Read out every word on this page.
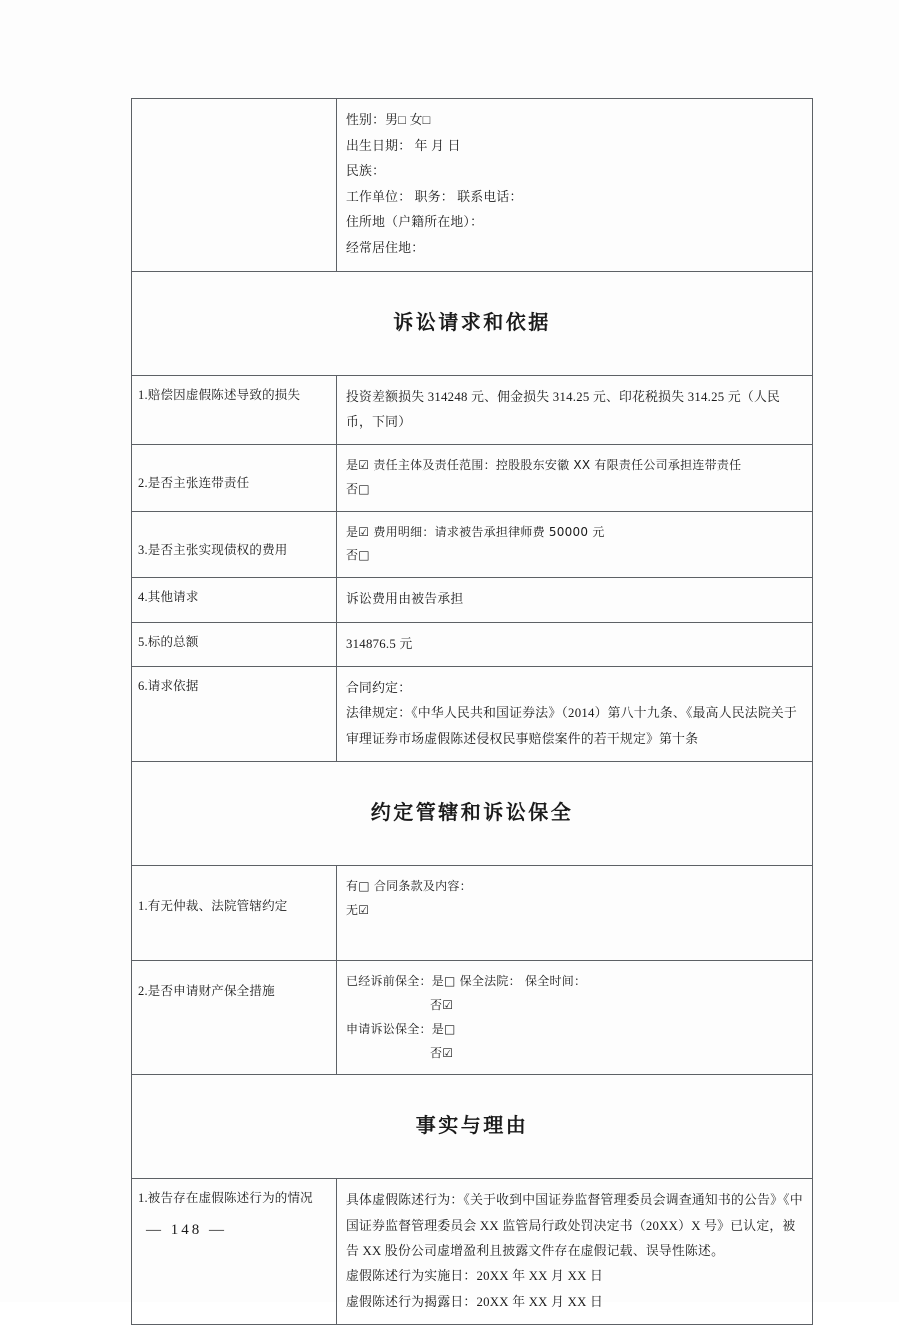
性别：男□ 女□
出生日期： 年 月 日
民族：
工作单位： 职务： 联系电话：
住所地（户籍所在地）：
经常居住地：

诉讼请求和依据	

1.赔偿因虚假陈述导致的损失	投资差额损失 314248 元、佣金损失 314.25 元、印花税损失 314.25 元（人民币，下同）

2.是否主张连带责任	是☑ 责任主体及责任范围：控股股东安徽 XX 有限责任公司承担连带责任
否□

3.是否主张实现债权的费用	是☑ 费用明细：请求被告承担律师费 50000 元
否□

4.其他请求	诉讼费用由被告承担

5.标的总额	314876.5 元

6.请求依据	合同约定：
法律规定：《中华人民共和国证券法》（2014）第八十九条、《最高人民法院关于审理证券市场虚假陈述侵权民事赔偿案件的若干规定》第十条

约定管辖和诉讼保全	

1.有无仲裁、法院管辖约定	有□ 合同条款及内容：
无☑

2.是否申请财产保全措施	已经诉前保全：是□ 保全法院： 保全时间：
否☑
申请诉讼保全：是□
否☑

事实与理由	

1.被告存在虚假陈述行为的情况	具体虚假陈述行为：《关于收到中国证券监督管理委员会调查通知书的公告》《中国证券监督管理委员会 XX 监管局行政处罚决定书（20XX）X 号》已认定，被告 XX 股份公司虚增盈利且披露文件存在虚假记载、误导性陈述。
虚假陈述行为实施日：20XX 年 XX 月 XX 日
虚假陈述行为揭露日：20XX 年 XX 月 XX 日
— 148 —
